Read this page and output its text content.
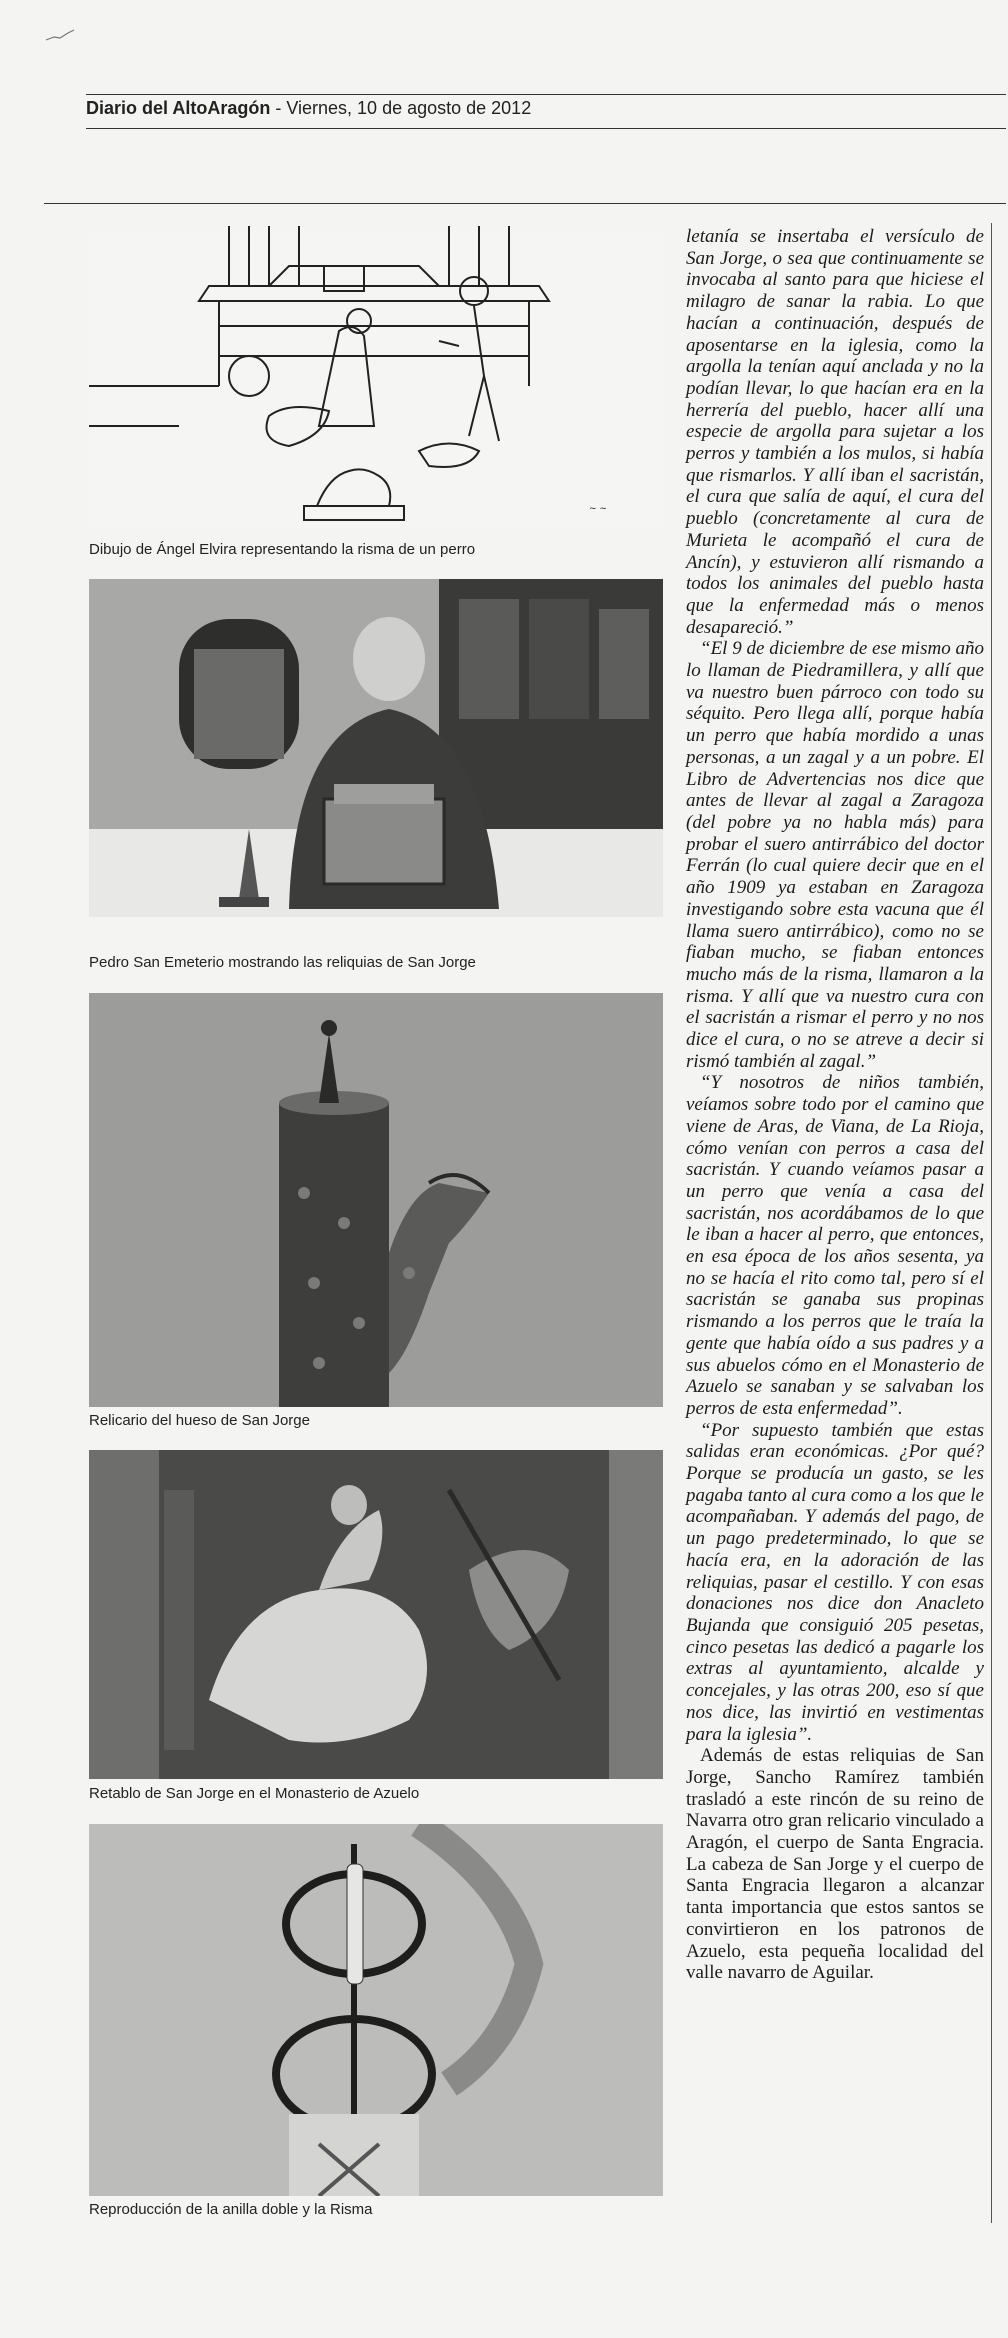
Diario del AltoAragón - Viernes, 10 de agosto de 2012
~ ~
Dibujo de Ángel Elvira representando la risma de un perro
Pedro San Emeterio mostrando las reliquias de San Jorge
Relicario del hueso de San Jorge
Retablo de San Jorge en el Monasterio de Azuelo
Reproducción de la anilla doble y la Risma

letanía se insertaba el versículo de San Jorge, o sea que continuamente se invocaba al santo para que hiciese el milagro de sanar la rabia. Lo que hacían a continuación, después de aposentarse en la iglesia, como la argolla la tenían aquí anclada y no la podían llevar, lo que hacían era en la herrería del pueblo, hacer allí una especie de argolla para sujetar a los perros y también a los mulos, si había que rismarlos. Y allí iban el sacristán, el cura que salía de aquí, el cura del pueblo (concretamente al cura de Murieta le acompañó el cura de Ancín), y estuvieron allí rismando a todos los animales del pueblo hasta que la enfermedad más o menos desapareció.”

“El 9 de diciembre de ese mismo año lo llaman de Piedramillera, y allí que va nuestro buen párroco con todo su séquito. Pero llega allí, porque había un perro que había mordido a unas personas, a un zagal y a un pobre. El Libro de Advertencias nos dice que antes de llevar al zagal a Zaragoza (del pobre ya no habla más) para probar el suero antirrábico del doctor Ferrán (lo cual quiere decir que en el año 1909 ya estaban en Zaragoza investigando sobre esta vacuna que él llama suero antirrábico), como no se fiaban mucho, se fiaban entonces mucho más de la risma, llamaron a la risma. Y allí que va nuestro cura con el sacristán a rismar el perro y no nos dice el cura, o no se atreve a decir si rismó también al zagal.”

“Y nosotros de niños también, veíamos sobre todo por el camino que viene de Aras, de Viana, de La Rioja, cómo venían con perros a casa del sacristán. Y cuando veíamos pasar a un perro que venía a casa del sacristán, nos acordábamos de lo que le iban a hacer al perro, que entonces, en esa época de los años sesenta, ya no se hacía el rito como tal, pero sí el sacristán se ganaba sus propinas rismando a los perros que le traía la gente que había oído a sus padres y a sus abuelos cómo en el Monasterio de Azuelo se sanaban y se salvaban los perros de esta enfermedad”.

“Por supuesto también que estas salidas eran económicas. ¿Por qué? Porque se producía un gasto, se les pagaba tanto al cura como a los que le acompañaban. Y además del pago, de un pago predeterminado, lo que se hacía era, en la adoración de las reliquias, pasar el cestillo. Y con esas donaciones nos dice don Anacleto Bujanda que consiguió 205 pesetas, cinco pesetas las dedicó a pagarle los extras al ayuntamiento, alcalde y concejales, y las otras 200, eso sí que nos dice, las invirtió en vestimentas para la iglesia”.

Además de estas reliquias de San Jorge, Sancho Ramírez también trasladó a este rincón de su reino de Navarra otro gran relicario vinculado a Aragón, el cuerpo de Santa Engracia. La cabeza de San Jorge y el cuerpo de Santa Engracia llegaron a alcanzar tanta importancia que estos santos se convirtieron en los patronos de Azuelo, esta pequeña localidad del valle navarro de Aguilar.
